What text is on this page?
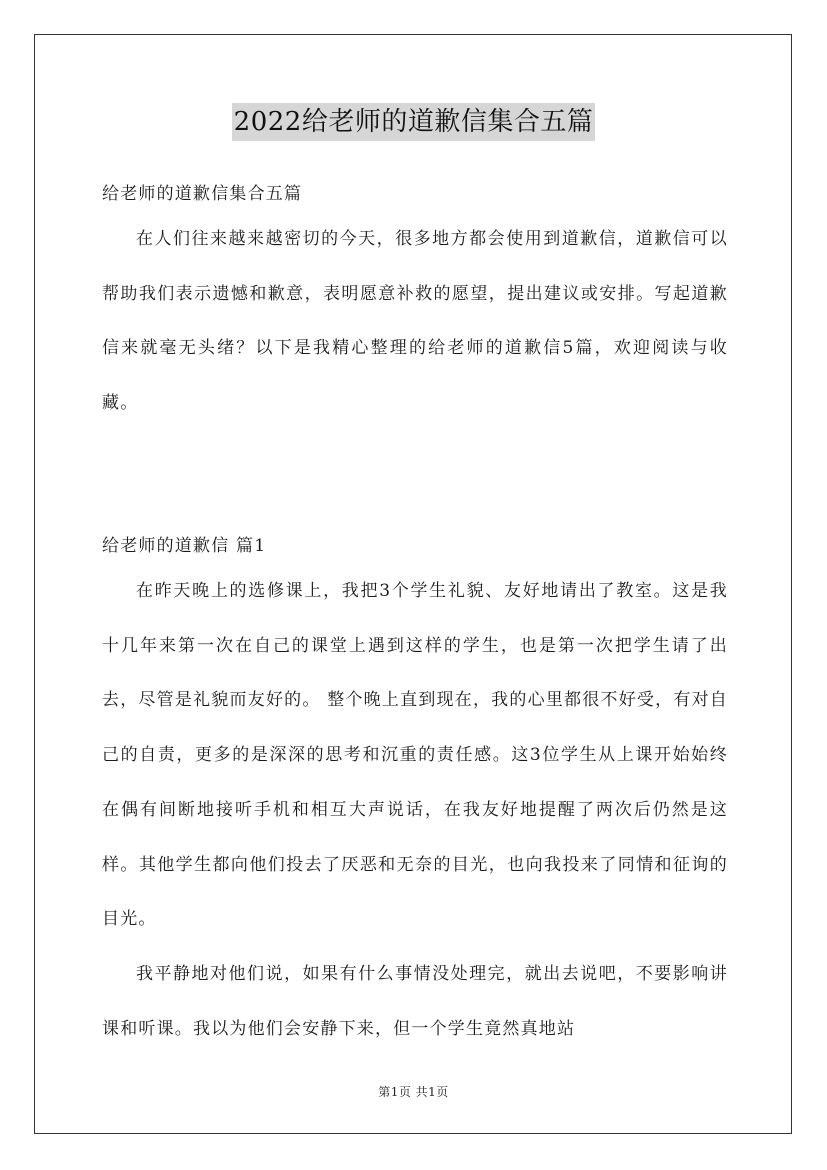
2022给老师的道歉信集合五篇
给老师的道歉信集合五篇

在人们往来越来越密切的今天，很多地方都会使用到道歉信，道歉信可以帮助我们表示遗憾和歉意，表明愿意补救的愿望，提出建议或安排。写起道歉信来就毫无头绪？以下是我精心整理的给老师的道歉信5篇，欢迎阅读与收藏。

给老师的道歉信 篇1

在昨天晚上的选修课上，我把3个学生礼貌、友好地请出了教室。这是我十几年来第一次在自己的课堂上遇到这样的学生，也是第一次把学生请了出去，尽管是礼貌而友好的。 整个晚上直到现在，我的心里都很不好受，有对自己的自责，更多的是深深的思考和沉重的责任感。这3位学生从上课开始始终在偶有间断地接听手机和相互大声说话，在我友好地提醒了两次后仍然是这样。其他学生都向他们投去了厌恶和无奈的目光，也向我投来了同情和征询的目光。

我平静地对他们说，如果有什么事情没处理完，就出去说吧，不要影响讲课和听课。我以为他们会安静下来，但一个学生竟然真地站

第1页 共1页
